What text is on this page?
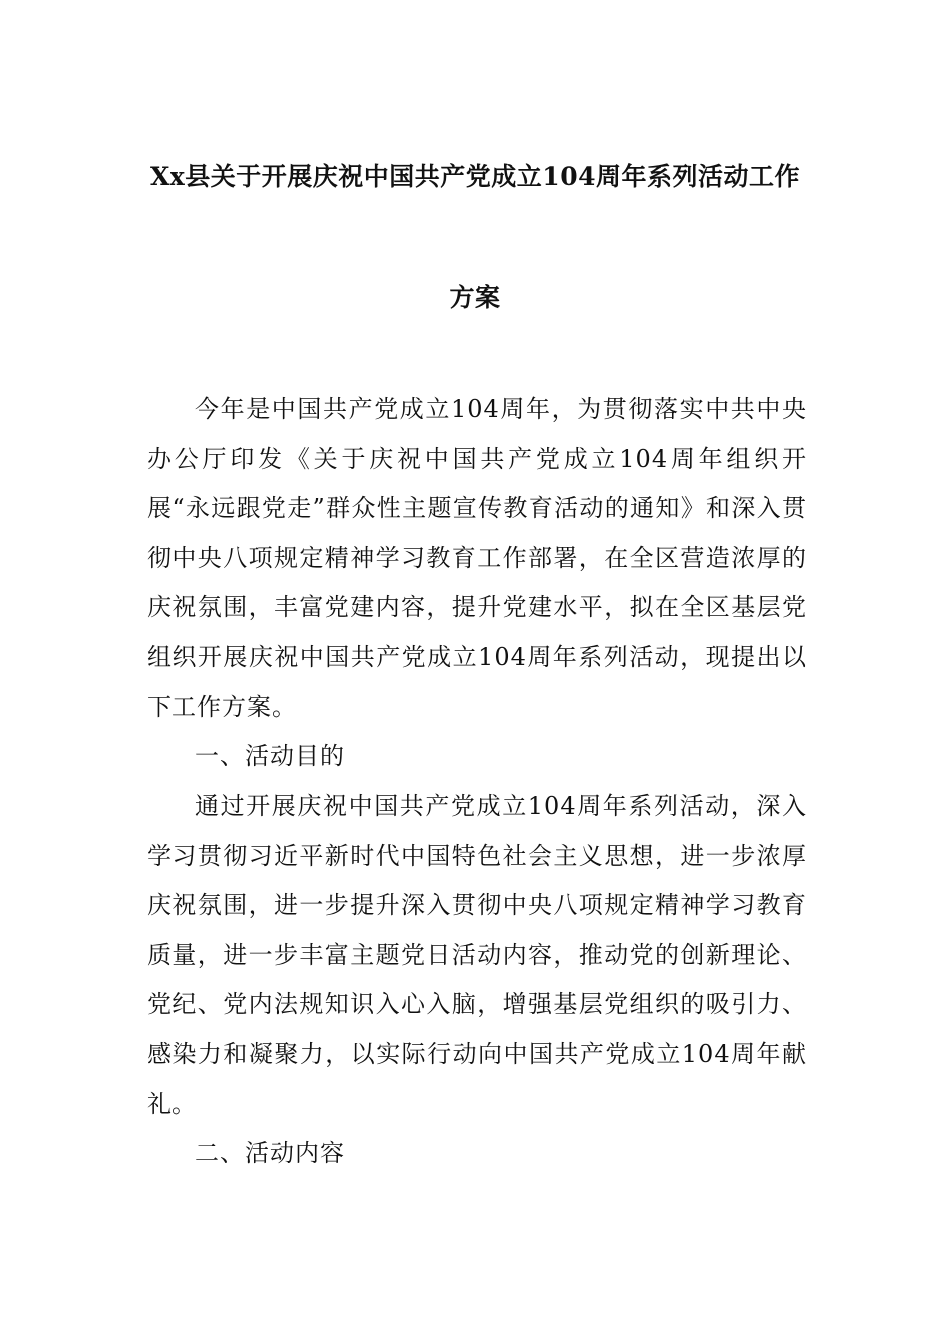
Xx县关于开展庆祝中国共产党成立104周年系列活动工作
方案

今年是中国共产党成立104周年，为贯彻落实中共中央办公厅印发《关于庆祝中国共产党成立104周年组织开展“永远跟党走”群众性主题宣传教育活动的通知》和深入贯彻中央八项规定精神学习教育工作部署，在全区营造浓厚的庆祝氛围，丰富党建内容，提升党建水平，拟在全区基层党组织开展庆祝中国共产党成立104周年系列活动，现提出以下工作方案。

一、活动目的

通过开展庆祝中国共产党成立104周年系列活动，深入学习贯彻习近平新时代中国特色社会主义思想，进一步浓厚庆祝氛围，进一步提升深入贯彻中央八项规定精神学习教育质量，进一步丰富主题党日活动内容，推动党的创新理论、党纪、党内法规知识入心入脑，增强基层党组织的吸引力、感染力和凝聚力，以实际行动向中国共产党成立104周年献礼。

二、活动内容
